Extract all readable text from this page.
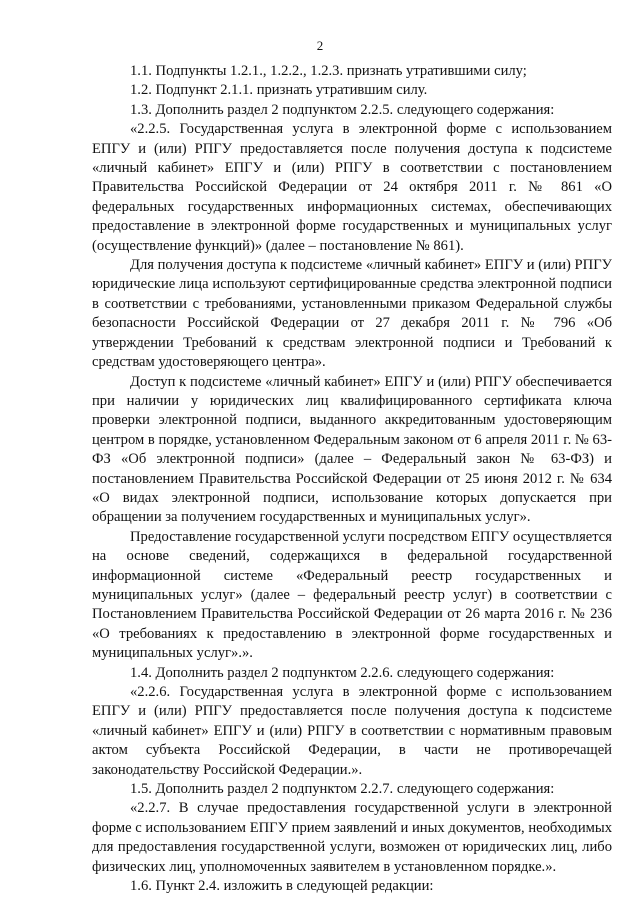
2

1.1. Подпункты 1.2.1., 1.2.2., 1.2.3. признать утратившими силу;

1.2. Подпункт 2.1.1. признать утратившим силу.

1.3. Дополнить раздел 2 подпунктом 2.2.5. следующего содержания:

«2.2.5. Государственная услуга в электронной форме с использованием ЕПГУ и (или) РПГУ предоставляется после получения доступа к подсистеме «личный кабинет» ЕПГУ и (или) РПГУ в соответствии с постановлением Правительства Российской Федерации от 24 октября 2011 г. № 861 «О федеральных государственных информационных системах, обеспечивающих предоставление в электронной форме государственных и муниципальных услуг (осуществление функций)» (далее – постановление № 861).

Для получения доступа к подсистеме «личный кабинет» ЕПГУ и (или) РПГУ юридические лица используют сертифицированные средства электронной подписи в соответствии с требованиями, установленными приказом Федеральной службы безопасности Российской Федерации от 27 декабря 2011 г. № 796 «Об утверждении Требований к средствам электронной подписи и Требований к средствам удостоверяющего центра».

Доступ к подсистеме «личный кабинет» ЕПГУ и (или) РПГУ обеспечивается при наличии у юридических лиц квалифицированного сертификата ключа проверки электронной подписи, выданного аккредитованным удостоверяющим центром в порядке, установленном Федеральным законом от 6 апреля 2011 г. № 63-ФЗ «Об электронной подписи» (далее – Федеральный закон № 63-ФЗ) и постановлением Правительства Российской Федерации от 25 июня 2012 г. № 634 «О видах электронной подписи, использование которых допускается при обращении за получением государственных и муниципальных услуг».

Предоставление государственной услуги посредством ЕПГУ осуществляется на основе сведений, содержащихся в федеральной государственной информационной системе «Федеральный реестр государственных и муниципальных услуг» (далее – федеральный реестр услуг) в соответствии с Постановлением Правительства Российской Федерации от 26 марта 2016 г. № 236 «О требованиях к предоставлению в электронной форме государственных и муниципальных услуг».».

1.4. Дополнить раздел 2 подпунктом 2.2.6. следующего содержания:

«2.2.6. Государственная услуга в электронной форме с использованием ЕПГУ и (или) РПГУ предоставляется после получения доступа к подсистеме «личный кабинет» ЕПГУ и (или) РПГУ в соответствии с нормативным правовым актом субъекта Российской Федерации, в части не противоречащей законодательству Российской Федерации.».

1.5. Дополнить раздел 2 подпунктом 2.2.7. следующего содержания:

«2.2.7. В случае предоставления государственной услуги в электронной форме с использованием ЕПГУ прием заявлений и иных документов, необходимых для предоставления государственной услуги, возможен от юридических лиц, либо физических лиц, уполномоченных заявителем в установленном порядке.».

1.6. Пункт 2.4. изложить в следующей редакции:
